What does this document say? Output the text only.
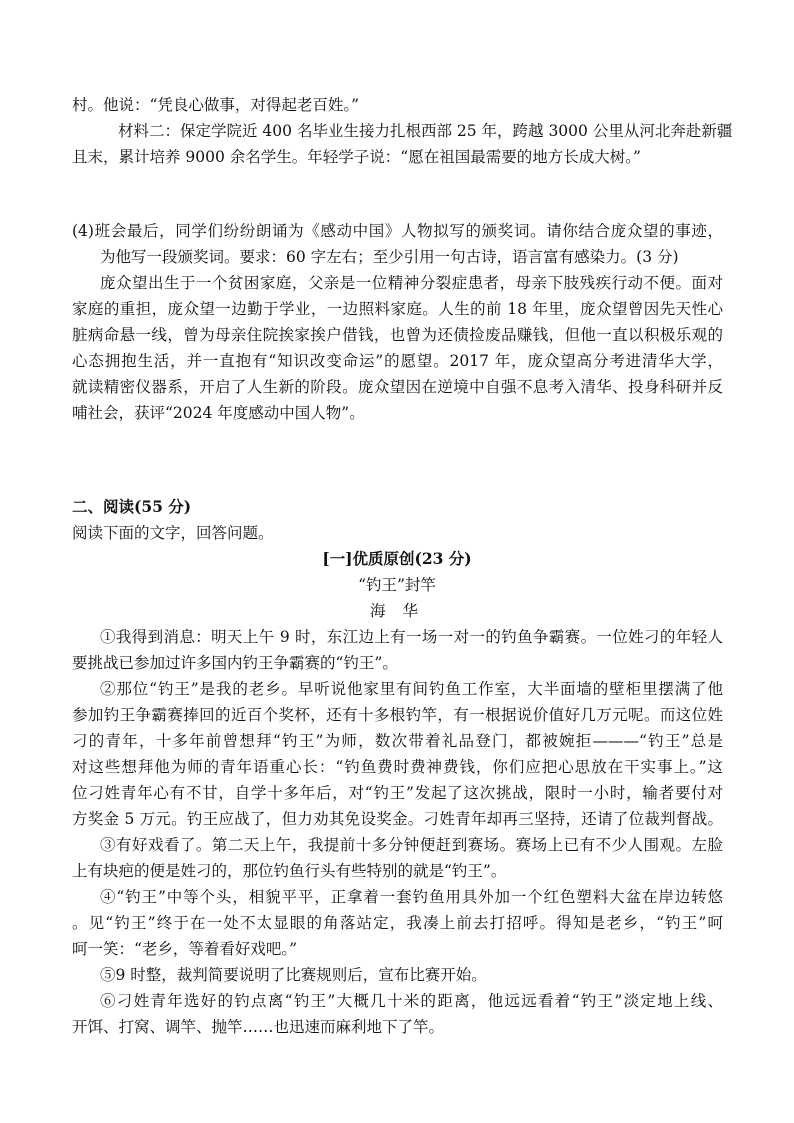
村。他说：“凭良心做事，对得起老百姓。”
材料二：保定学院近 400 名毕业生接力扎根西部 25 年，跨越 3000 公里从河北奔赴新疆
且末，累计培养 9000 余名学生。年轻学子说：“愿在祖国最需要的地方长成大树。”
(4)班会最后，同学们纷纷朗诵为《感动中国》人物拟写的颁奖词。请你结合庞众望的事迹，
为他写一段颁奖词。要求：60 字左右；至少引用一句古诗，语言富有感染力。(3 分)
庞众望出生于一个贫困家庭，父亲是一位精神分裂症患者，母亲下肢残疾行动不便。面对
家庭的重担，庞众望一边勤于学业，一边照料家庭。人生的前 18 年里，庞众望曾因先天性心
脏病命悬一线，曾为母亲住院挨家挨户借钱，也曾为还债捡废品赚钱，但他一直以积极乐观的
心态拥抱生活，并一直抱有“知识改变命运”的愿望。2017 年，庞众望高分考进清华大学，
就读精密仪器系，开启了人生新的阶段。庞众望因在逆境中自强不息考入清华、投身科研并反
哺社会，获评“2024 年度感动中国人物”。
二、阅读(55 分)
阅读下面的文字，回答问题。
[一]优质原创(23 分)
“钓王”封竿
海 华
①我得到消息：明天上午 9 时，东江边上有一场一对一的钓鱼争霸赛。一位姓刁的年轻人
要挑战已参加过许多国内钓王争霸赛的“钓王”。
②那位“钓王”是我的老乡。早听说他家里有间钓鱼工作室，大半面墙的壁柜里摆满了他
参加钓王争霸赛捧回的近百个奖杯，还有十多根钓竿，有一根据说价值好几万元呢。而这位姓
刁的青年，十多年前曾想拜“钓王”为师，数次带着礼品登门，都被婉拒———“钓王”总是
对这些想拜他为师的青年语重心长：“钓鱼费时费神费钱，你们应把心思放在干实事上。”这
位刁姓青年心有不甘，自学十多年后，对“钓王”发起了这次挑战，限时一小时，输者要付对
方奖金 5 万元。钓王应战了，但力劝其免设奖金。刁姓青年却再三坚持，还请了位裁判督战。
③有好戏看了。第二天上午，我提前十多分钟便赶到赛场。赛场上已有不少人围观。左脸
上有块疤的便是姓刁的，那位钓鱼行头有些特别的就是“钓王”。
④“钓王”中等个头，相貌平平，正拿着一套钓鱼用具外加一个红色塑料大盆在岸边转悠
。见“钓王”终于在一处不太显眼的角落站定，我凑上前去打招呼。得知是老乡，“钓王”呵
呵一笑：“老乡，等着看好戏吧。”
⑤9 时整，裁判简要说明了比赛规则后，宣布比赛开始。
⑥刁姓青年选好的钓点离“钓王”大概几十米的距离，他远远看着“钓王”淡定地上线、
开饵、打窝、调竿、抛竿……也迅速而麻利地下了竿。
